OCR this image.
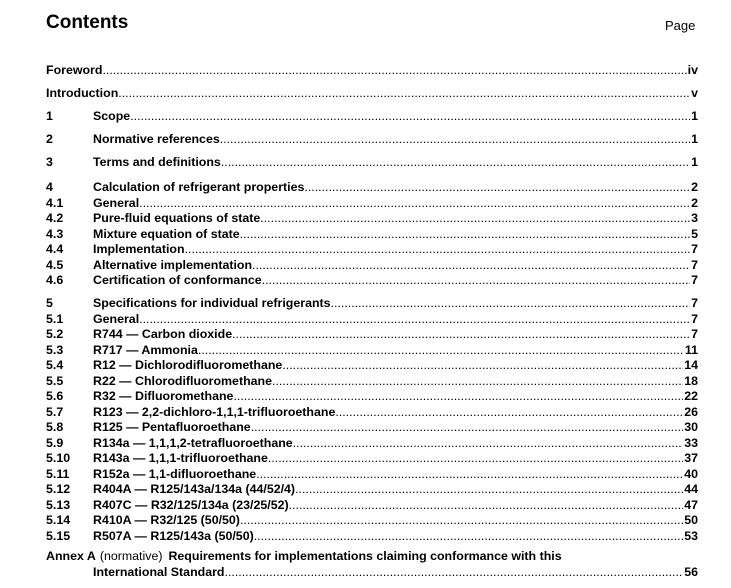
Contents	Page
Foreword .....	iv
Introduction .....	v
1	Scope .....	1
2	Normative references .....	1
3	Terms and definitions .....	1
4	Calculation of refrigerant properties .....	2
4.1	General .....	2
4.2	Pure-fluid equations of state .....	3
4.3	Mixture equation of state .....	5
4.4	Implementation .....	7
4.5	Alternative implementation .....	7
4.6	Certification of conformance .....	7
5	Specifications for individual refrigerants .....	7
5.1	General .....	7
5.2	R744 — Carbon dioxide .....	7
5.3	R717 — Ammonia .....	11
5.4	R12 — Dichlorodifluoromethane .....	14
5.5	R22 — Chlorodifluoromethane .....	18
5.6	R32 — Difluoromethane .....	22
5.7	R123 — 2,2-dichloro-1,1,1-trifluoroethane .....	26
5.8	R125 — Pentafluoroethane .....	30
5.9	R134a — 1,1,1,2-tetrafluoroethane .....	33
5.10	R143a — 1,1,1-trifluoroethane .....	37
5.11	R152a — 1,1-difluoroethane .....	40
5.12	R404A — R125/143a/134a (44/52/4) .....	44
5.13	R407C — R32/125/134a (23/25/52) .....	47
5.14	R410A — R32/125 (50/50) .....	50
5.15	R507A — R125/143a (50/50) .....	53
Annex A (normative) Requirements for implementations claiming conformance with this
International Standard .....	56
